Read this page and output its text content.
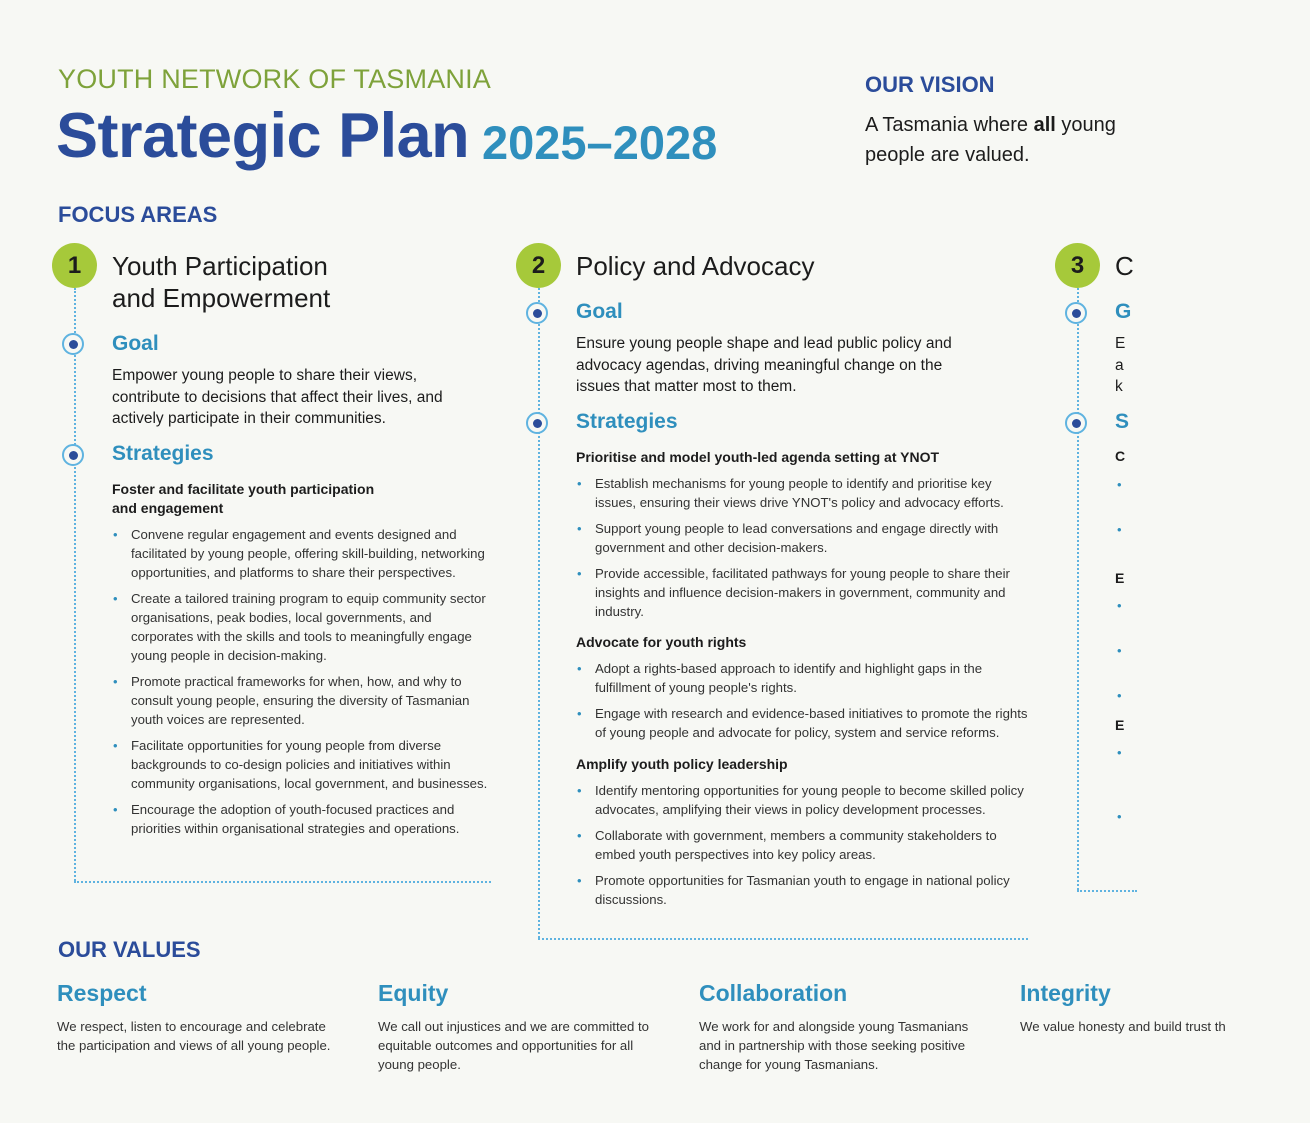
YOUTH NETWORK OF TASMANIA
Strategic Plan 2025–2028
OUR VISION
A Tasmania where all young people are valued.
FOCUS AREAS
1	Youth Participation
and Empowerment
Goal
Empower young people to share their views, contribute to decisions that affect their lives, and actively participate in their communities.
Strategies
Foster and facilitate youth participation and engagement
• Convene regular engagement and events designed and facilitated by young people, offering skill-building, networking opportunities, and platforms to share their perspectives.
• Create a tailored training program to equip community sector organisations, peak bodies, local governments, and corporates with the skills and tools to meaningfully engage young people in decision-making.
• Promote practical frameworks for when, how, and why to consult young people, ensuring the diversity of Tasmanian youth voices are represented.
• Facilitate opportunities for young people from diverse backgrounds to co-design policies and initiatives within community organisations, local government, and businesses.
• Encourage the adoption of youth-focused practices and priorities within organisational strategies and operations.
2	Policy and Advocacy
Goal
Ensure young people shape and lead public policy and advocacy agendas, driving meaningful change on the issues that matter most to them.
Strategies
Prioritise and model youth-led agenda setting at YNOT
• Establish mechanisms for young people to identify and prioritise key issues, ensuring their views drive YNOT's policy and advocacy efforts.
• Support young people to lead conversations and engage directly with government and other decision-makers.
• Provide accessible, facilitated pathways for young people to share their insights and influence decision-makers in government, community and industry.
Advocate for youth rights
• Adopt a rights-based approach to identify and highlight gaps in the fulfillment of young people's rights.
• Engage with research and evidence-based initiatives to promote the rights of young people and advocate for policy, system and service reforms.
Amplify youth policy leadership
• Identify mentoring opportunities for young people to become skilled policy advocates, amplifying their views in policy development processes.
• Collaborate with government, members a community stakeholders to embed youth perspectives into key policy areas.
• Promote opportunities for Tasmanian youth to engage in national policy discussions.
3	C
G
E
a
k
S
C
•
•
E
•
•
•
E
•
•
OUR VALUES
Respect
We respect, listen to encourage and celebrate the participation and views of all young people.
Equity
We call out injustices and we are committed to equitable outcomes and opportunities for all young people.
Collaboration
We work for and alongside young Tasmanians and in partnership with those seeking positive change for young Tasmanians.
Integrity
We value honesty and build trust th
